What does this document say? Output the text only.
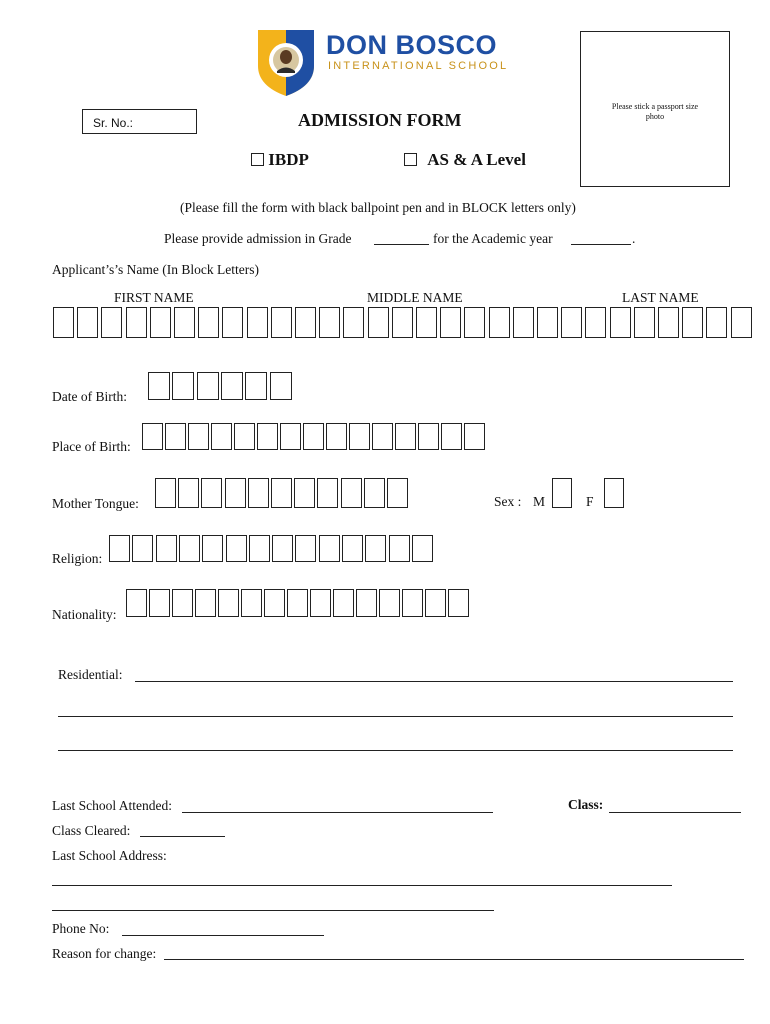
DON BOSCO
INTERNATIONAL SCHOOL
Please stick a passport size photo
Sr. No.:	ADMISSION FORM
IBDP	AS & A Level
(Please fill the form with black ballpoint pen and in BLOCK letters only)
Please provide admission in Grade	for the Academic year	.
Applicant’s’s Name (In Block Letters)
FIRST NAME	MIDDLE NAME	LAST NAME
Date of Birth:
Place of Birth:
Mother Tongue:	Sex : M	F
Religion:
Nationality:
Residential:
Last School Attended:	Class:
Class Cleared:
Last School Address:
Phone No:
Reason for change:
